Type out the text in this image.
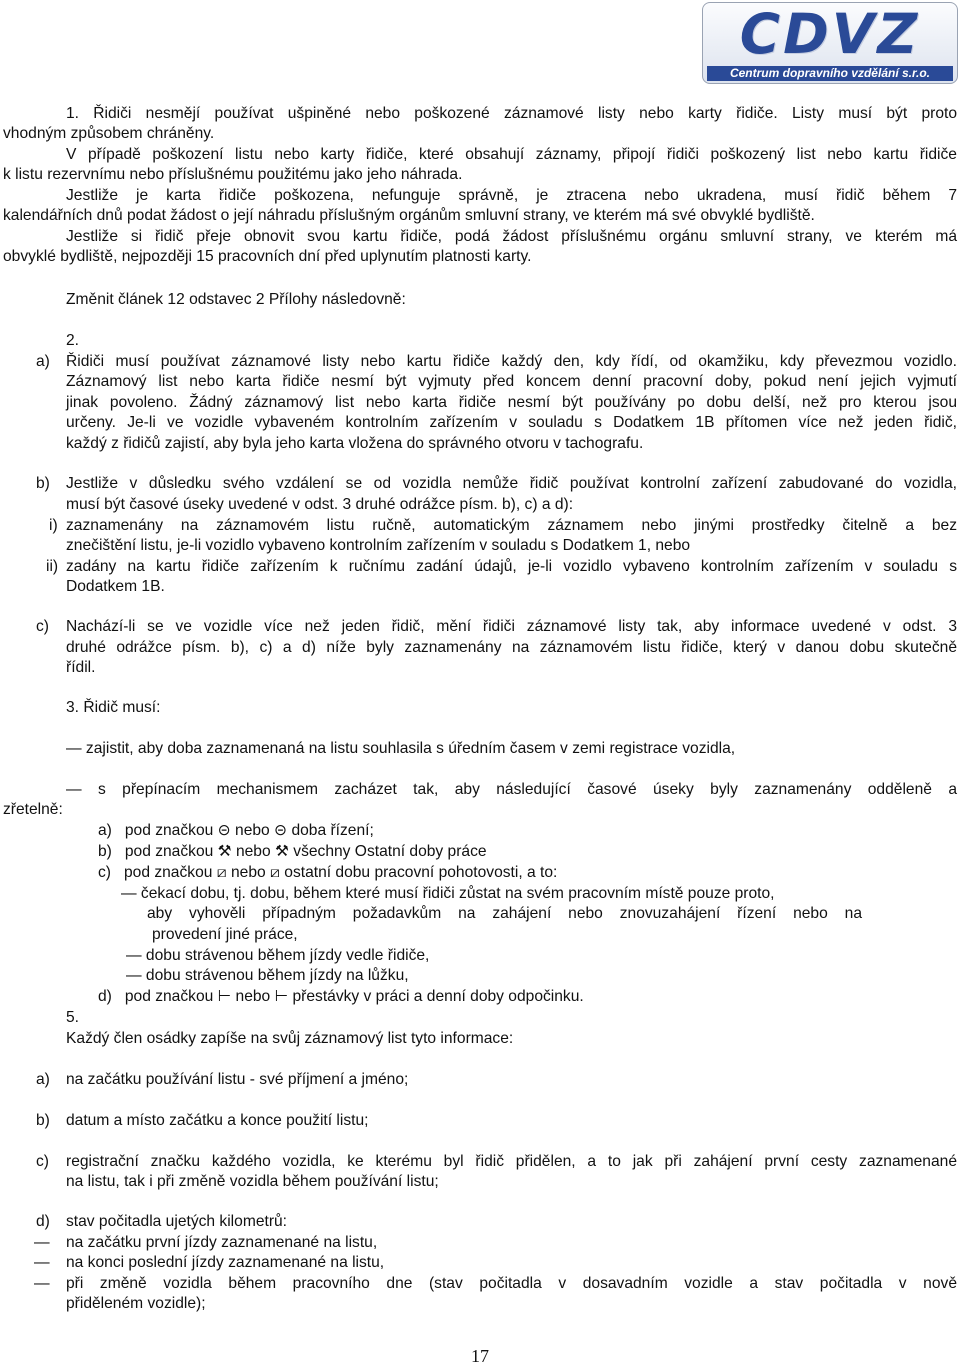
CDVZ
Centrum dopravního vzdělání s.r.o.
1. Řidiči nesmějí používat ušpiněné nebo poškozené záznamové listy nebo karty řidiče. Listy musí být proto
vhodným způsobem chráněny.
V případě poškození listu nebo karty řidiče, které obsahují záznamy, připojí řidiči poškozený list nebo kartu řidiče
k listu rezervnímu nebo příslušnému použitému jako jeho náhrada.
Jestliže je karta řidiče poškozena, nefunguje správně, je ztracena nebo ukradena, musí řidič během 7
kalendářních dnů podat žádost o její náhradu příslušným orgánům smluvní strany, ve kterém má své obvyklé bydliště.
Jestliže si řidič přeje obnovit svou kartu řidiče, podá žádost příslušnému orgánu smluvní strany, ve kterém má
obvyklé bydliště, nejpozději 15 pracovních dní před uplynutím platnosti karty.
Změnit článek 12 odstavec 2 Přílohy následovně:
2.
a) Řidiči musí používat záznamové listy nebo kartu řidiče každý den, kdy řídí, od okamžiku, kdy převezmou vozidlo.
Záznamový list nebo karta řidiče nesmí být vyjmuty před koncem denní pracovní doby, pokud není jejich vyjmutí
jinak povoleno. Žádný záznamový list nebo karta řidiče nesmí být používány po dobu delší, než pro kterou jsou
určeny. Je-li ve vozidle vybaveném kontrolním zařízením v souladu s Dodatkem 1B přítomen více než jeden řidič,
každý z řidičů zajistí, aby byla jeho karta vložena do správného otvoru v tachografu.
b) Jestliže v důsledku svého vzdálení se od vozidla nemůže řidič používat kontrolní zařízení zabudované do vozidla,
musí být časové úseky uvedené v odst. 3 druhé odrážce písm. b), c) a d):
i) zaznamenány na záznamovém listu ručně, automatickým záznamem nebo jinými prostředky čitelně a bez
znečištění listu, je-li vozidlo vybaveno kontrolním zařízením v souladu s Dodatkem 1, nebo
ii) zadány na kartu řidiče zařízením k ručnímu zadání údajů, je-li vozidlo vybaveno kontrolním zařízením v souladu s
Dodatkem 1B.
c) Nachází-li se ve vozidle více než jeden řidič, mění řidiči záznamové listy tak, aby informace uvedené v odst. 3
druhé odrážce písm. b), c) a d) níže byly zaznamenány na záznamovém listu řidiče, který v danou dobu skutečně
řídil.
3. Řidič musí:
― zajistit, aby doba zaznamenaná na listu souhlasila s úředním časem v zemi registrace vozidla,
― s přepínacím mechanismem zacházet tak, aby následující časové úseky byly zaznamenány odděleně a
zřetelně:
a)   pod značkou ⊝ nebo ⊝ doba řízení;
b)   pod značkou ⚒ nebo ⚒ všechny Ostatní doby práce
c)   pod značkou ⧄ nebo ⧄ ostatní dobu pracovní pohotovosti, a to:
― čekací dobu, tj. dobu, během které musí řidiči zůstat na svém pracovním místě pouze proto,
aby vyhověli případným požadavkům na zahájení nebo znovuzahájení řízení nebo na
provedení jiné práce,
― dobu strávenou během jízdy vedle řidiče,
― dobu strávenou během jízdy na lůžku,
d)   pod značkou ⊢ nebo ⊢ přestávky v práci a denní doby odpočinku.
5.
Každý člen osádky zapíše na svůj záznamový list tyto informace:
a) na začátku používání listu - své příjmení a jméno;
b) datum a místo začátku a konce použití listu;
c) registrační značku každého vozidla, ke kterému byl řidič přidělen, a to jak při zahájení první cesty zaznamenané
na listu, tak i při změně vozidla během používání listu;
d) stav počitadla ujetých kilometrů:
― na začátku první jízdy zaznamenané na listu,
― na konci poslední jízdy zaznamenané na listu,
― při změně vozidla během pracovního dne (stav počitadla v dosavadním vozidle a stav počitadla v nově
přiděleném vozidle);
17
